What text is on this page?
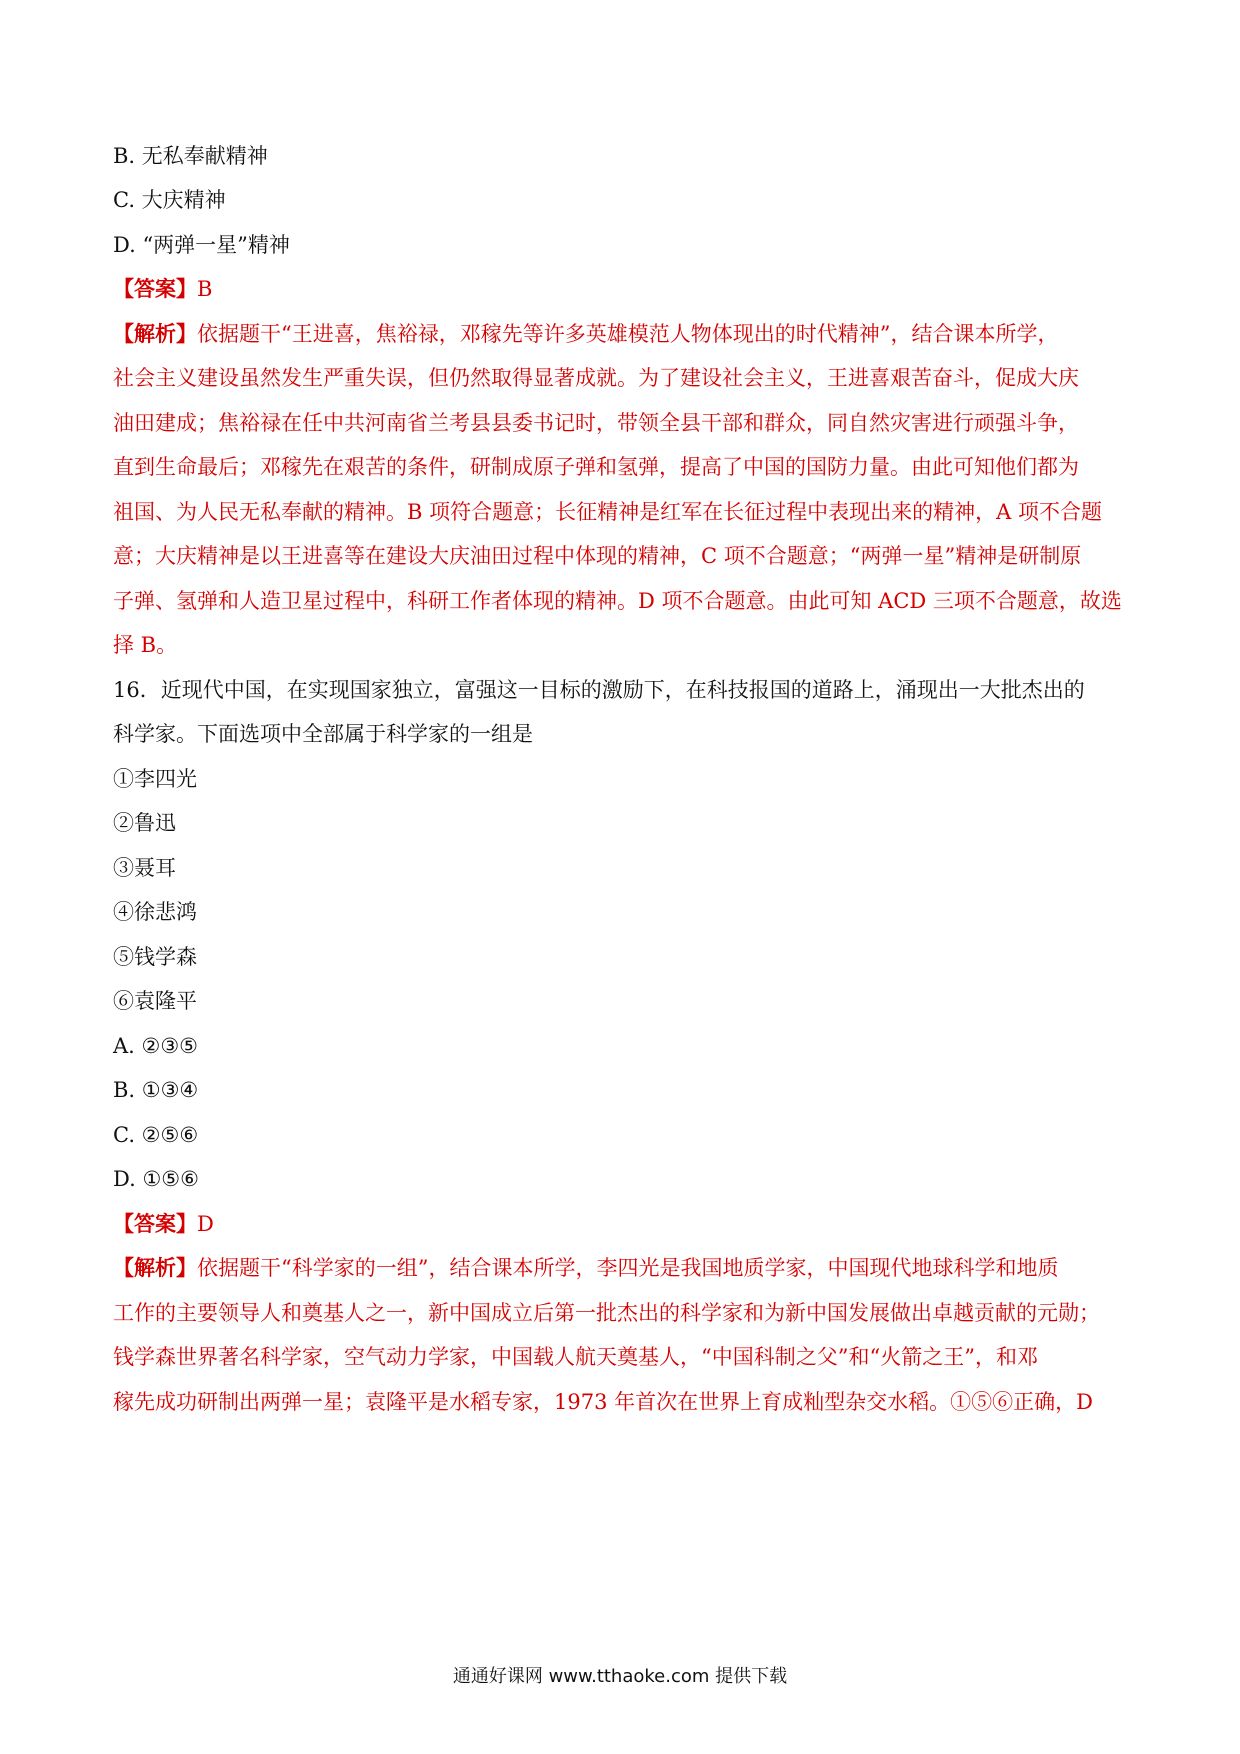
B. 无私奉献精神
C. 大庆精神
D. “两弹一星”精神
【答案】B
【解析】依据题干“王进喜，焦裕禄，邓稼先等许多英雄模范人物体现出的时代精神”，结合课本所学，
社会主义建设虽然发生严重失误，但仍然取得显著成就。为了建设社会主义，王进喜艰苦奋斗，促成大庆
油田建成；焦裕禄在任中共河南省兰考县县委书记时，带领全县干部和群众，同自然灾害进行顽强斗争，
直到生命最后；邓稼先在艰苦的条件，研制成原子弹和氢弹，提高了中国的国防力量。由此可知他们都为
祖国、为人民无私奉献的精神。B 项符合题意；长征精神是红军在长征过程中表现出来的精神，A 项不合题
意；大庆精神是以王进喜等在建设大庆油田过程中体现的精神，C 项不合题意；“两弹一星”精神是研制原
子弹、氢弹和人造卫星过程中，科研工作者体现的精神。D 项不合题意。由此可知 ACD 三项不合题意，故选
择 B。
16．近现代中国，在实现国家独立，富强这一目标的激励下，在科技报国的道路上，涌现出一大批杰出的
科学家。下面选项中全部属于科学家的一组是
①李四光
②鲁迅
③聂耳
④徐悲鸿
⑤钱学森
⑥袁隆平
A. ②③⑤
B. ①③④
C. ②⑤⑥
D. ①⑤⑥
【答案】D
【解析】依据题干“科学家的一组”，结合课本所学，李四光是我国地质学家，中国现代地球科学和地质
工作的主要领导人和奠基人之一，新中国成立后第一批杰出的科学家和为新中国发展做出卓越贡献的元勋；
钱学森世界著名科学家，空气动力学家，中国载人航天奠基人，“中国科制之父”和“火箭之王”，和邓
稼先成功研制出两弹一星；袁隆平是水稻专家，1973 年首次在世界上育成籼型杂交水稻。①⑤⑥正确，D
通通好课网 www.tthaoke.com 提供下载
